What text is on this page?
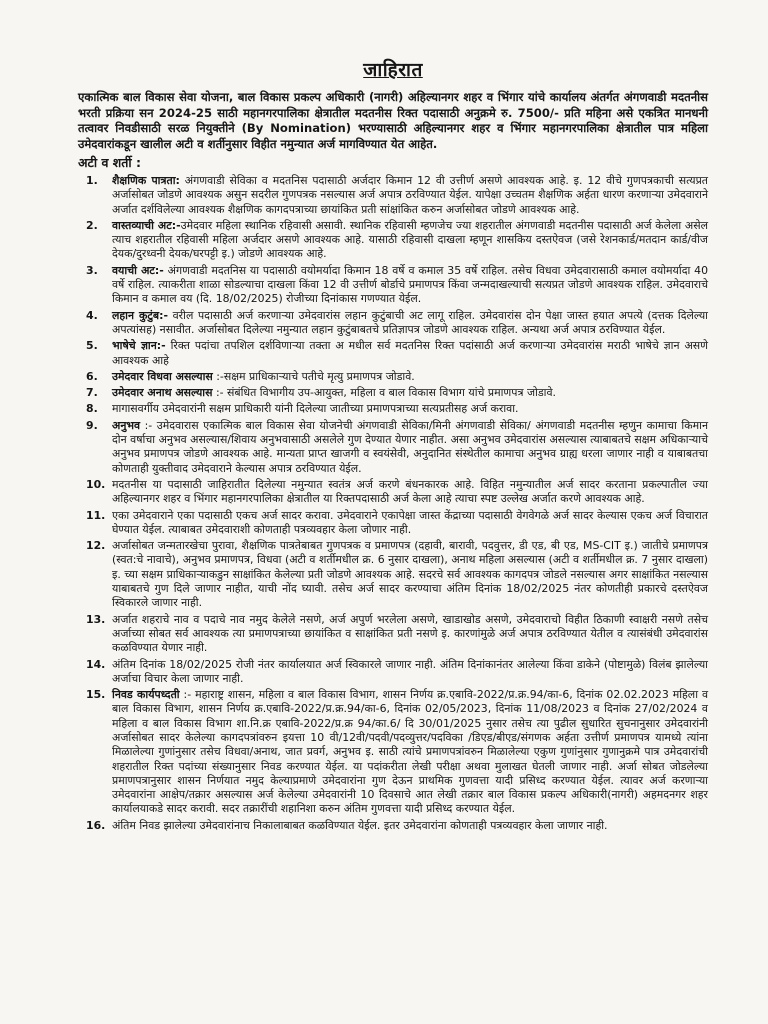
जाहिरात

एकात्मिक बाल विकास सेवा योजना, बाल विकास प्रकल्प अधिकारी (नागरी) अहिल्यानगर शहर व भिंगार यांचे कार्यालय अंतर्गत अंगणवाडी मदतनीस भरती प्रक्रिया सन 2024-25 साठी महानगरपालिका क्षेत्रातील मदतनीस रिक्त पदासाठी अनुक्रमे रु. 7500/- प्रति महिना असे एकत्रित मानधनी तत्वावर निवडीसाठी सरळ नियुक्तीने (By Nomination) भरण्यासाठी अहिल्यानगर शहर व भिंगार महानगरपालिका क्षेत्रातील पात्र महिला उमेदवारांकडून खालील अटी व शर्तीनुसार विहीत नमुन्यात अर्ज मागविण्यात येत आहेत.

अटी व शर्ती :
1. शैक्षणिक पात्रता: अंगणवाडी सेविका व मदतनिस पदासाठी अर्जदार किमान 12 वी उत्तीर्ण असणे आवश्यक आहे. इ. 12 वीचे गुणपत्रकाची सत्यप्रत अर्जासोबत जोडणे आवश्यक असुन सदरील गुणपत्रक नसल्यास अर्ज अपात्र ठरविण्यात येईल. यापेक्षा उच्चतम शैक्षणिक अर्हता धारण करणाऱ्या उमेदवाराने अर्जात दर्शविलेल्या आवश्यक शैक्षणिक कागदपत्राच्या छायांकित प्रती सांक्षांकित करुन अर्जासोबत जोडणे आवश्यक आहे.
2. वास्तव्याची अट:-उमेदवार महिला स्थानिक रहिवासी असावी. स्थानिक रहिवासी म्हणजेच ज्या शहरातील अंगणवाडी मदतनीस पदासाठी अर्ज केलेला असेल त्याच शहरातील रहिवासी महिला अर्जदार असणे आवश्यक आहे. यासाठी रहिवासी दाखला म्हणून शासकिय दस्तऐवज (जसे रेशनकार्ड/मतदान कार्ड/वीज देयक/दुरध्वनी देयक/घरपट्टी इ.) जोडणे आवश्यक आहे.
3. वयाची अट:- अंगणवाडी मदतनिस या पदासाठी वयोमर्यादा किमान 18 वर्षे व कमाल 35 वर्षे राहिल. तसेच विधवा उमेदवारासाठी कमाल वयोमर्यादा 40 वर्षे राहिल. त्याकरीता शाळा सोडल्याचा दाखला किंवा 12 वी उत्तीर्ण बोर्डाचे प्रमाणपत्र किंवा जन्मदाखल्याची सत्यप्रत जोडणे आवश्यक राहिल. उमेदवाराचे किमान व कमाल वय (दि. 18/02/2025) रोजीच्या दिनांकास गणण्यात येईल.
4. लहान कुटुंब:- वरील पदासाठी अर्ज करणाऱ्या उमेदवारांस लहान कुटुंबाची अट लागू राहिल. उमेदवारांस दोन पेक्षा जास्त हयात अपत्ये (दत्तक दिलेल्या अपत्यांसह) नसावीत. अर्जासोबत दिलेल्या नमुन्यात लहान कुटुंबाबतचे प्रतिज्ञापत्र जोडणे आवश्यक राहिल. अन्यथा अर्ज अपात्र ठरविण्यात येईल.
5. भाषेचे ज्ञान:- रिक्त पदांचा तपशिल दर्शविणाऱ्या तक्ता अ मधील सर्व मदतनिस रिक्त पदांसाठी अर्ज करणाऱ्या उमेदवारांस मराठी भाषेचे ज्ञान असणे आवश्यक आहे
6. उमेदवार विधवा असल्यास :-सक्षम प्राधिकाऱ्याचे पतीचे मृत्यु प्रमाणपत्र जोडावे.
7. उमेदवार अनाथ असल्यास :- संबंधित विभागीय उप-आयुक्त, महिला व बाल विकास विभाग यांचे प्रमाणपत्र जोडावे.
8. मागासवर्गीय उमेदवारांनी सक्षम प्राधिकारी यांनी दिलेल्या जातीच्या प्रमाणपत्राच्या सत्यप्रतीसह अर्ज करावा.
9. अनुभव :- उमेदवारास एकात्मिक बाल विकास सेवा योजनेची अंगणवाडी सेविका/मिनी अंगणवाडी सेविका/ अंगणवाडी मदतनीस म्हणुन कामाचा किमान दोन वर्षाचा अनुभव असल्यास/शिवाय अनुभवासाठी असलेले गुण देण्यात येणार नाहीत. असा अनुभव उमेदवारांस असल्यास त्याबाबतचे सक्षम अधिकाऱ्याचे अनुभव प्रमाणपत्र जोडणे आवश्यक आहे. मान्यता प्राप्त खाजगी व स्वयंसेवी, अनुदानित संस्थेतील कामाचा अनुभव ग्राह्य धरला जाणार नाही व याबाबतचा कोणताही युक्तीवाद उमेदवाराने केल्यास अपात्र ठरविण्यात येईल.
10. मदतनीस या पदासाठी जाहिरातीत दिलेल्या नमुन्यात स्वतंत्र अर्ज करणे बंधनकारक आहे. विहित नमुन्यातील अर्ज सादर करताना प्रकल्पातील ज्या अहिल्यानगर शहर व भिंगार महानगरपालिका क्षेत्रातील या रिक्तपदासाठी अर्ज केला आहे त्याचा स्पष्ट उल्लेख अर्जात करणे आवश्यक आहे.
11. एका उमेदवाराने एका पदासाठी एकच अर्ज सादर करावा. उमेदवाराने एकापेक्षा जास्त केंद्राच्या पदासाठी वेगवेगळे अर्ज सादर केल्यास एकच अर्ज विचारात घेण्यात येईल. त्याबाबत उमेदवाराशी कोणताही पत्रव्यवहार केला जोणार नाही.
12. अर्जासोबत जन्मतारखेचा पुरावा, शैक्षणिक पात्रतेबाबत गुणपत्रक व प्रमाणपत्र (दहावी, बारावी, पदवुत्तर, डी एड, बी एड, MS-CIT इ.) जातीचे प्रमाणपत्र (स्वत:चे नावाचे), अनुभव प्रमाणपत्र, विधवा (अटी व शर्तीमधील क्र. 6 नुसार दाखला), अनाथ महिला असल्यास (अटी व शर्तीमधील क्र. 7 नुसार दाखला) इ. च्या सक्षम प्राधिकाऱ्याकडुन साक्षांकित केलेल्या प्रती जोडणे आवश्यक आहे. सदरचे सर्व आवश्यक कागदपत्र जोडले नसल्यास अगर साक्षांकित नसल्यास याबाबतचे गुण दिले जाणार नाहीत, याची नोंद घ्यावी. तसेच अर्ज सादर करण्याचा अंतिम दिनांक 18/02/2025 नंतर कोणतीही प्रकारचे दस्तऐवज स्विकारले जाणार नाही.
13. अर्जात शहराचे नाव व पदाचे नाव नमुद केलेले नसणे, अर्ज अपुर्ण भरलेला असणे, खाडाखोड असणे, उमेदवाराचो विहीत ठिकाणी स्वाक्षरी नसणे तसेच अर्जाच्या सोबत सर्व आवश्यक त्या प्रमाणपत्राच्या छायांकित व साक्षांकित प्रती नसणे इ. कारणांमुळे अर्ज अपात्र ठरविण्यात येतील व त्यासंबंधी उमेदवारांस कळविण्यात येणार नाही.
14. अंतिम दिनांक 18/02/2025 रोजी नंतर कार्यालयात अर्ज स्विकारले जाणार नाही. अंतिम दिनांकानंतर आलेल्या किंवा डाकेने (पोष्टामुळे) विलंब झालेल्या अर्जाचा विचार केला जाणार नाही.
15. निवड कार्यपध्दती :- महाराष्ट्र शासन, महिला व बाल विकास विभाग, शासन निर्णय क्र.एबावि-2022/प्र.क्र.94/का-6, दिनांक 02.02.2023 महिला व बाल विकास विभाग, शासन निर्णय क्र.एबावि-2022/प्र.क्र.94/का-6, दिनांक 02/05/2023, दिनांक 11/08/2023 व दिनांक 27/02/2024 व महिला व बाल विकास विभाग शा.नि.क्र एबावि-2022/प्र.क्र 94/का.6/ दि 30/01/2025 नुसार तसेच त्या पुढील सुधारित सुचनानुसार उमेदवारांनी अर्जासोबत सादर केलेल्या कागदपत्रांवरुन इयत्ता 10 वी/12वी/पदवी/पदव्युत्तर/पदविका /डिएड/बीएड/संगणक अर्हता उत्तीर्ण प्रमाणपत्र यामध्ये त्यांना मिळालेल्या गुणांनुसार तसेच विधवा/अनाथ, जात प्रवर्ग, अनुभव इ. साठी त्यांचे प्रमाणपत्रांवरुन मिळालेल्या एकुण गुणांनुसार गुणानुक्रमे पात्र उमेदवारांची शहरातील रिक्त पदांच्या संख्यानुसार निवड करण्यात येईल. या पदांकरीता लेखी परीक्षा अथवा मुलाखत घेतली जाणार नाही. अर्जा सोबत जोडलेल्या प्रमाणपत्रानुसार शासन निर्णयात नमुद केल्याप्रमाणे उमेदवारांना गुण देऊन प्राथमिक गुणवत्ता यादी प्रसिध्द करण्यात येईल. त्यावर अर्ज करणाऱ्या उमेदवारांना आक्षेप/तक्रार असल्यास अर्ज केलेल्या उमेदवारांनी 10 दिवसाचे आत लेखी तक्रार बाल विकास प्रकल्प अधिकारी(नागरी) अहमदनगर शहर कार्यालयाकडे सादर करावी. सदर तक्रारींची शहानिशा करुन अंतिम गुणवत्ता यादी प्रसिध्द करण्यात येईल.
16. अंतिम निवड झालेल्या उमेदवारांनाच निकालाबाबत कळविण्यात येईल. इतर उमेदवारांना कोणताही पत्रव्यवहार केला जाणार नाही.
